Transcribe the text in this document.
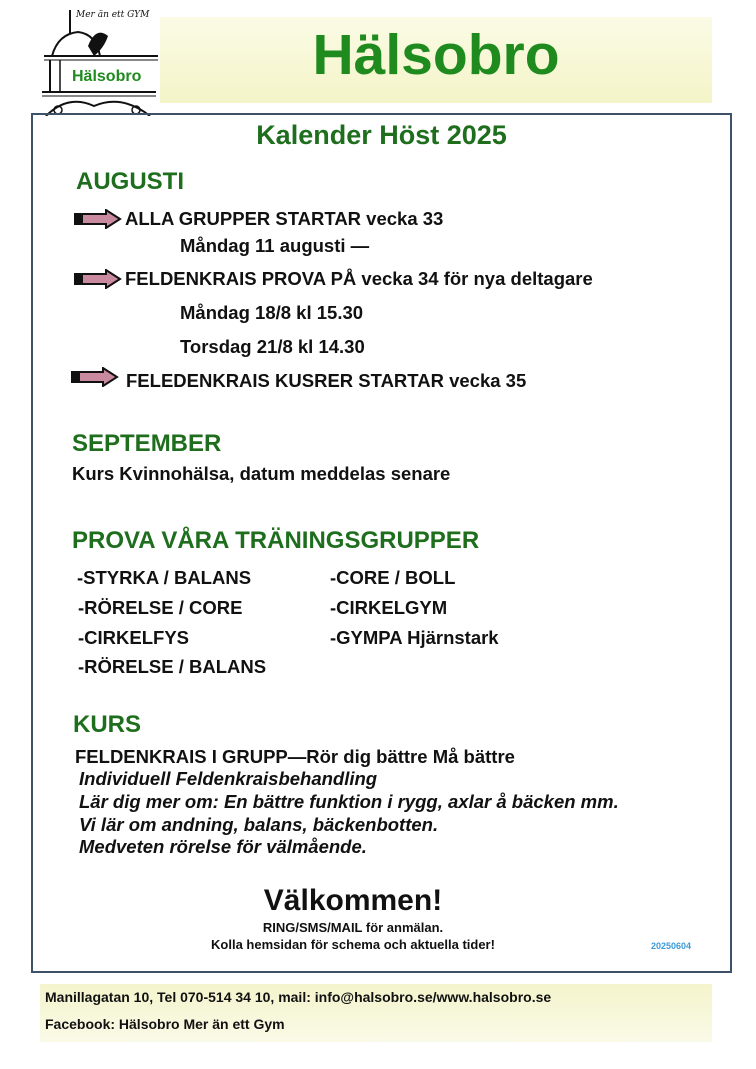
Mer än ett GYM
Hälsobro	Hälsobro
Kalender Höst 2025
AUGUSTI
ALLA GRUPPER STARTAR vecka 33
Måndag 11 augusti —
FELDENKRAIS PROVA PÅ vecka 34 för nya deltagare
Måndag 18/8 kl 15.30
Torsdag 21/8 kl 14.30
FELEDENKRAIS KUSRER STARTAR vecka 35
SEPTEMBER
Kurs Kvinnohälsa, datum meddelas senare
PROVA VÅRA TRÄNINGSGRUPPER
-STYRKA / BALANS
-RÖRELSE / CORE
-CIRKELFYS
-RÖRELSE / BALANS
-CORE / BOLL
-CIRKELGYM
-GYMPA Hjärnstark
KURS
FELDENKRAIS I GRUPP—Rör dig bättre Må bättre
Individuell Feldenkraisbehandling
Lär dig mer om: En bättre funktion i rygg, axlar å bäcken mm.
Vi lär om andning, balans, bäckenbotten.
Medveten rörelse för välmående.
Välkommen!
RING/SMS/MAIL för anmälan.
Kolla hemsidan för schema och aktuella tider!	20250604
Manillagatan 10, Tel 070-514 34 10, mail: info@halsobro.se/www.halsobro.se
Facebook: Hälsobro Mer än ett Gym
